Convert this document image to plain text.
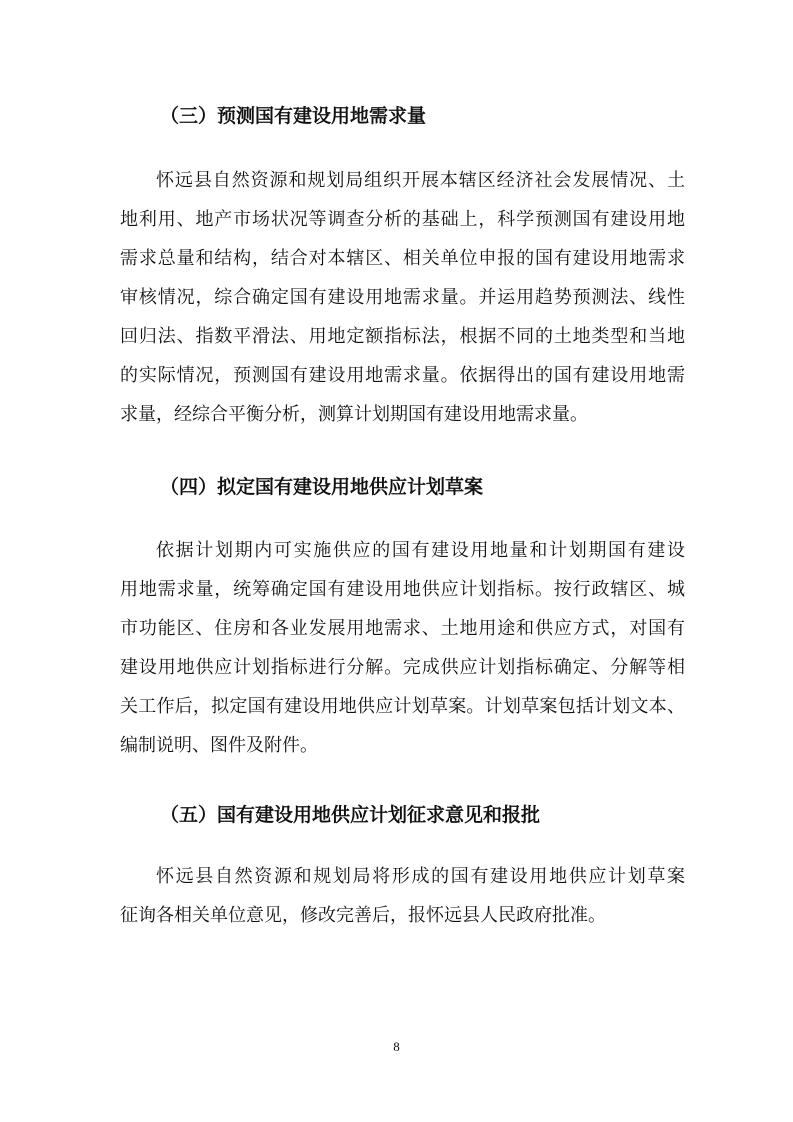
（三）预测国有建设用地需求量
怀远县自然资源和规划局组织开展本辖区经济社会发展情况、土
地利用、地产市场状况等调查分析的基础上，科学预测国有建设用地
需求总量和结构，结合对本辖区、相关单位申报的国有建设用地需求
审核情况，综合确定国有建设用地需求量。并运用趋势预测法、线性
回归法、指数平滑法、用地定额指标法，根据不同的土地类型和当地
的实际情况，预测国有建设用地需求量。依据得出的国有建设用地需
求量，经综合平衡分析，测算计划期国有建设用地需求量。
（四）拟定国有建设用地供应计划草案
依据计划期内可实施供应的国有建设用地量和计划期国有建设
用地需求量，统筹确定国有建设用地供应计划指标。按行政辖区、城
市功能区、住房和各业发展用地需求、土地用途和供应方式，对国有
建设用地供应计划指标进行分解。完成供应计划指标确定、分解等相
关工作后，拟定国有建设用地供应计划草案。计划草案包括计划文本、
编制说明、图件及附件。
（五）国有建设用地供应计划征求意见和报批
怀远县自然资源和规划局将形成的国有建设用地供应计划草案
征询各相关单位意见，修改完善后，报怀远县人民政府批准。
8
